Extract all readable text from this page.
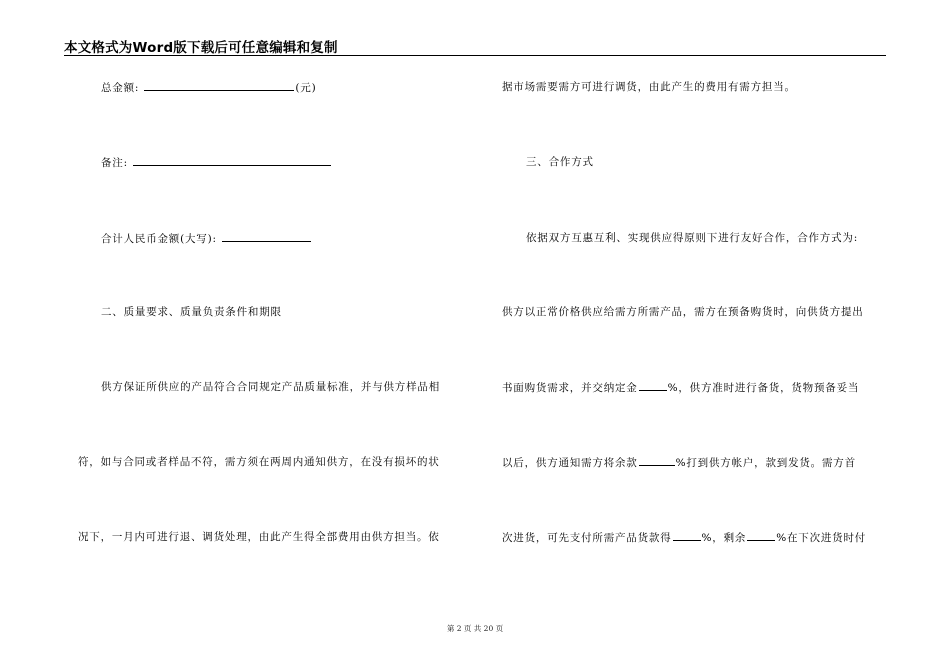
本文格式为Word版下载后可任意编辑和复制
总金额:	(元)
备注:
合计人民币金额(大写):
二、质量要求、质量负责条件和期限
供方保证所供应的产品符合合同规定产品质量标准，并与供方样品相
符，如与合同或者样品不符，需方须在两周内通知供方，在没有损坏的状
况下，一月内可进行退、调货处理，由此产生得全部费用由供方担当。依
据市场需要需方可进行调货，由此产生的费用有需方担当。
三、合作方式
依据双方互惠互利、实现供应得原则下进行友好合作，合作方式为:
供方以正常价格供应给需方所需产品，需方在预备购货时，向供货方提出
书面购货需求，并交纳定金	%，供方准时进行备货，货物预备妥当
以后，供方通知需方将余款	%打到供方帐户，款到发货。需方首
次进货，可先支付所需产品货款得	%，剩余	%在下次进货时付
第 2 页 共 20 页
